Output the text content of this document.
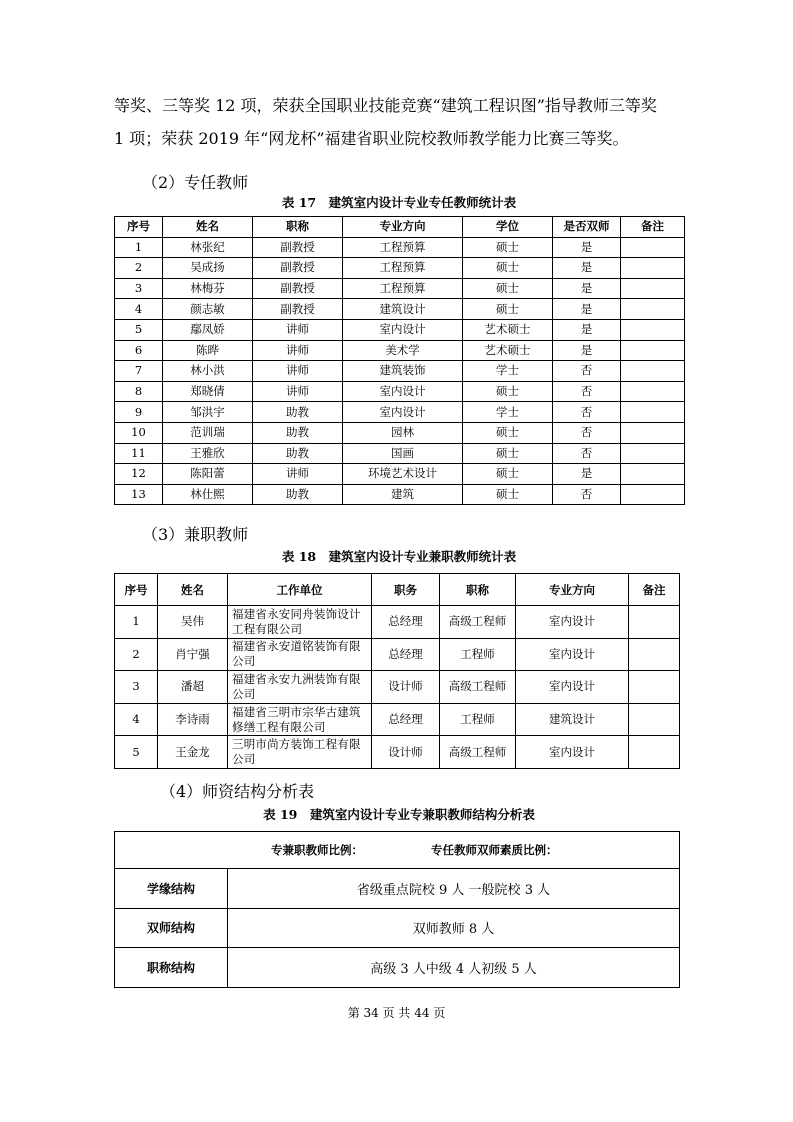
等奖、三等奖 12 项，荣获全国职业技能竞赛“建筑工程识图”指导教师三等奖

1 项；荣获 2019 年“网龙杯”福建省职业院校教师教学能力比赛三等奖。

（2）专任教师

表 17　建筑室内设计专业专任教师统计表

序号	姓名	职称	专业方向	学位	是否双师	备注
1	林张纪	副教授	工程预算	硕士	是	
2	吴成扬	副教授	工程预算	硕士	是	
3	林梅芬	副教授	工程预算	硕士	是	
4	颜志敏	副教授	建筑设计	硕士	是	
5	鄢凤娇	讲师	室内设计	艺术硕士	是	
6	陈晔	讲师	美术学	艺术硕士	是	
7	林小洪	讲师	建筑装饰	学士	否	
8	郑晓倩	讲师	室内设计	硕士	否	
9	邹洪宇	助教	室内设计	学士	否	
10	范训瑞	助教	园林	硕士	否	
11	王雅欣	助教	国画	硕士	否	
12	陈阳蕾	讲师	环境艺术设计	硕士	是	
13	林仕熙	助教	建筑	硕士	否	

（3）兼职教师

表 18　建筑室内设计专业兼职教师统计表

序号	姓名	工作单位	职务	职称	专业方向	备注
1	吴伟	福建省永安同舟装饰设计工程有限公司	总经理	高级工程师	室内设计	
2	肖宁强	福建省永安道铭装饰有限公司	总经理	工程师	室内设计	
3	潘超	福建省永安九洲装饰有限公司	设计师	高级工程师	室内设计	
4	李诗雨	福建省三明市宗华古建筑修缮工程有限公司	总经理	工程师	建筑设计	
5	王金龙	三明市尚方装饰工程有限公司	设计师	高级工程师	室内设计	

（4）师资结构分析表

表 19　建筑室内设计专业专兼职教师结构分析表

专兼职教师比例： 专任教师双师素质比例：	
学缘结构	省级重点院校 9 人 一般院校 3 人
双师结构	双师教师 8 人
职称结构	高级 3 人中级 4 人初级 5 人

第 34 页 共 44 页
